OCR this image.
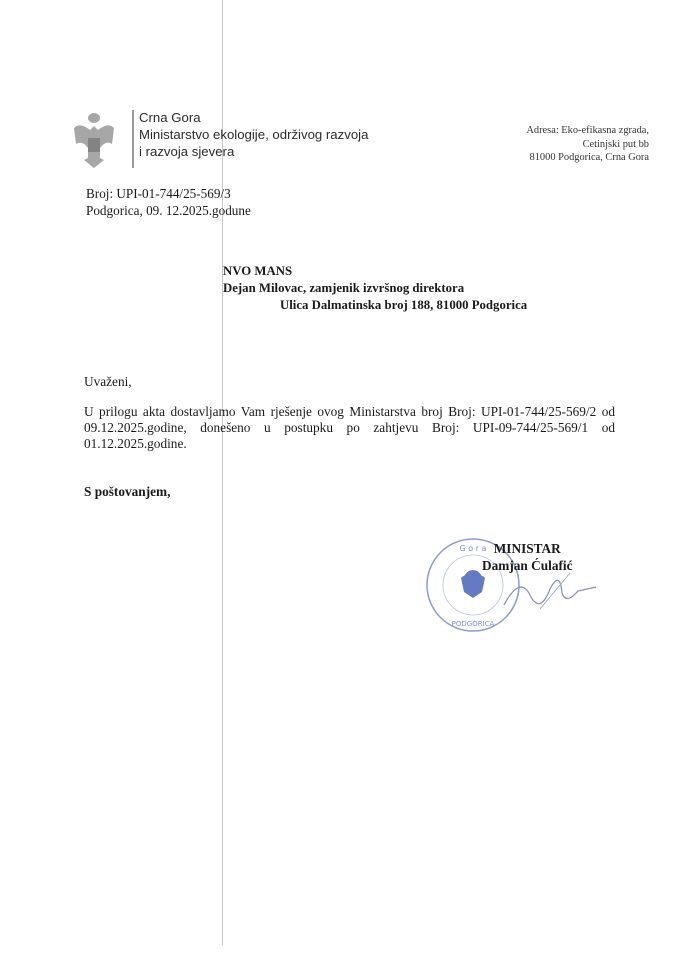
Crna Gora
Ministarstvo ekologije, održivog razvoja
i razvoja sjevera
Adresa: Eko-efikasna zgrada,
Cetinjski put bb
81000 Podgorica, Crna Gora
Broj: UPI-01-744/25-569/3
Podgorica, 09. 12.2025.godune
NVO MANS
Dejan Milovac, zamjenik izvršnog direktora
Ulica Dalmatinska broj 188, 81000 Podgorica
Uvaženi,
U prilogu akta dostavljamo Vam rješenje ovog Ministarstva broj Broj: UPI-01-744/25-569/2 od 09.12.2025.godine, donešeno u postupku po zahtjevu Broj: UPI-09-744/25-569/1 od 01.12.2025.godine.
S poštovanjem,
G o r a
PODGORICA
MINISTAR
Damjan Ćulafić
